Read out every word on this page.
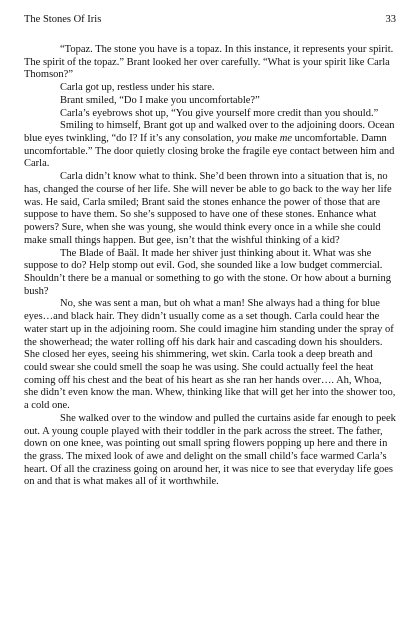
The Stones Of Iris	33

“Topaz. The stone you have is a topaz. In this instance, it represents your spirit. The spirit of the topaz.” Brant looked her over carefully. “What is your spirit like Carla Thomson?”

Carla got up, restless under his stare.

Brant smiled, “Do I make you uncomfortable?”

Carla’s eyebrows shot up, “You give yourself more credit than you should.”

Smiling to himself, Brant got up and walked over to the adjoining doors. Ocean blue eyes twinkling, “do I? If it’s any consolation, you make me uncomfortable. Damn uncomfortable.” The door quietly closing broke the fragile eye contact between him and Carla.

Carla didn’t know what to think. She’d been thrown into a situation that is, no has, changed the course of her life. She will never be able to go back to the way her life was. He said, Carla smiled; Brant said the stones enhance the power of those that are suppose to have them. So she’s supposed to have one of these stones. Enhance what powers? Sure, when she was young, she would think every once in a while she could make small things happen. But gee, isn’t that the wishful thinking of a kid?

The Blade of Baäl. It made her shiver just thinking about it. What was she suppose to do? Help stomp out evil. God, she sounded like a low budget commercial. Shouldn’t there be a manual or something to go with the stone. Or how about a burning bush?

No, she was sent a man, but oh what a man! She always had a thing for blue eyes…and black hair. They didn’t usually come as a set though. Carla could hear the water start up in the adjoining room. She could imagine him standing under the spray of the showerhead; the water rolling off his dark hair and cascading down his shoulders. She closed her eyes, seeing his shimmering, wet skin. Carla took a deep breath and could swear she could smell the soap he was using. She could actually feel the heat coming off his chest and the beat of his heart as she ran her hands over…. Ah, Whoa, she didn’t even know the man. Whew, thinking like that will get her into the shower too, a cold one.

She walked over to the window and pulled the curtains aside far enough to peek out. A young couple played with their toddler in the park across the street. The father, down on one knee, was pointing out small spring flowers popping up here and there in the grass. The mixed look of awe and delight on the small child’s face warmed Carla’s heart. Of all the craziness going on around her, it was nice to see that everyday life goes on and that is what makes all of it worthwhile.
